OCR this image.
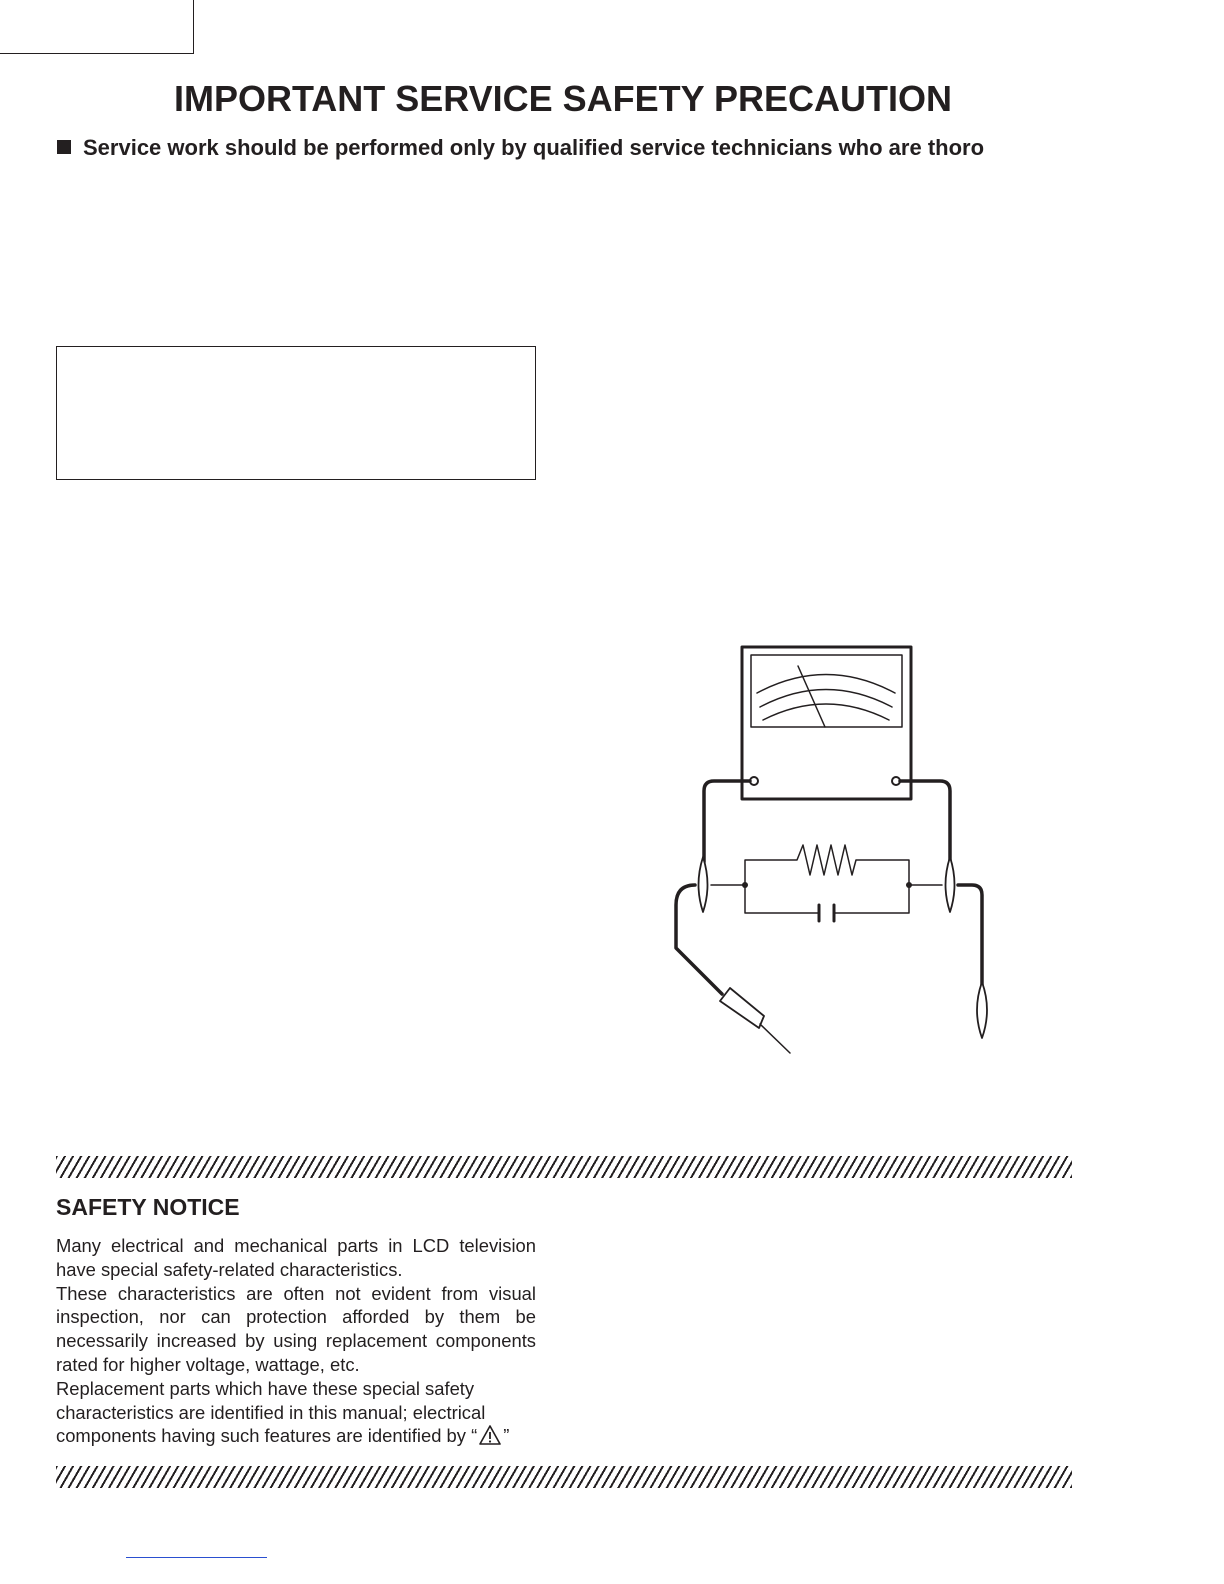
IMPORTANT SERVICE SAFETY PRECAUTION
Service work should be performed only by qualified service technicians who are thoro
SAFETY NOTICE

Many electrical and mechanical parts in LCD television have special safety-related characteristics.

These characteristics are often not evident from visual inspection, nor can protection afforded by them be necessarily increased by using replacement components rated for higher voltage, wattage, etc.

Replacement parts which have these special safety characteristics are identified in this manual; electrical components having such features are identified by “ ”
